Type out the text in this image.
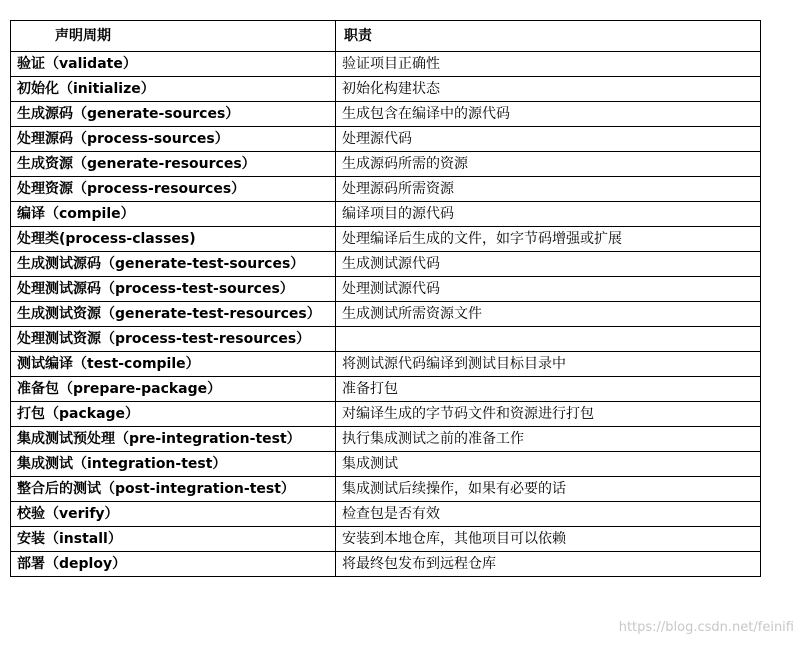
声明周期	职责
验证（validate）	验证项目正确性
初始化（initialize）	初始化构建状态
生成源码（generate-sources）	生成包含在编译中的源代码
处理源码（process-sources）	处理源代码
生成资源（generate-resources）	生成源码所需的资源
处理资源（process-resources）	处理源码所需资源
编译（compile）	编译项目的源代码
处理类(process-classes)	处理编译后生成的文件，如字节码增强或扩展
生成测试源码（generate-test-sources）	生成测试源代码
处理测试源码（process-test-sources）	处理测试源代码
生成测试资源（generate-test-resources）	生成测试所需资源文件
处理测试资源（process-test-resources）	
测试编译（test-compile）	将测试源代码编译到测试目标目录中
准备包（prepare-package）	准备打包
打包（package）	对编译生成的字节码文件和资源进行打包
集成测试预处理（pre-integration-test）	执行集成测试之前的准备工作
集成测试（integration-test）	集成测试
整合后的测试（post-integration-test）	集成测试后续操作，如果有必要的话
校验（verify）	检查包是否有效
安装（install）	安装到本地仓库，其他项目可以依赖
部署（deploy）	将最终包发布到远程仓库
https://blog.csdn.net/feinifi
